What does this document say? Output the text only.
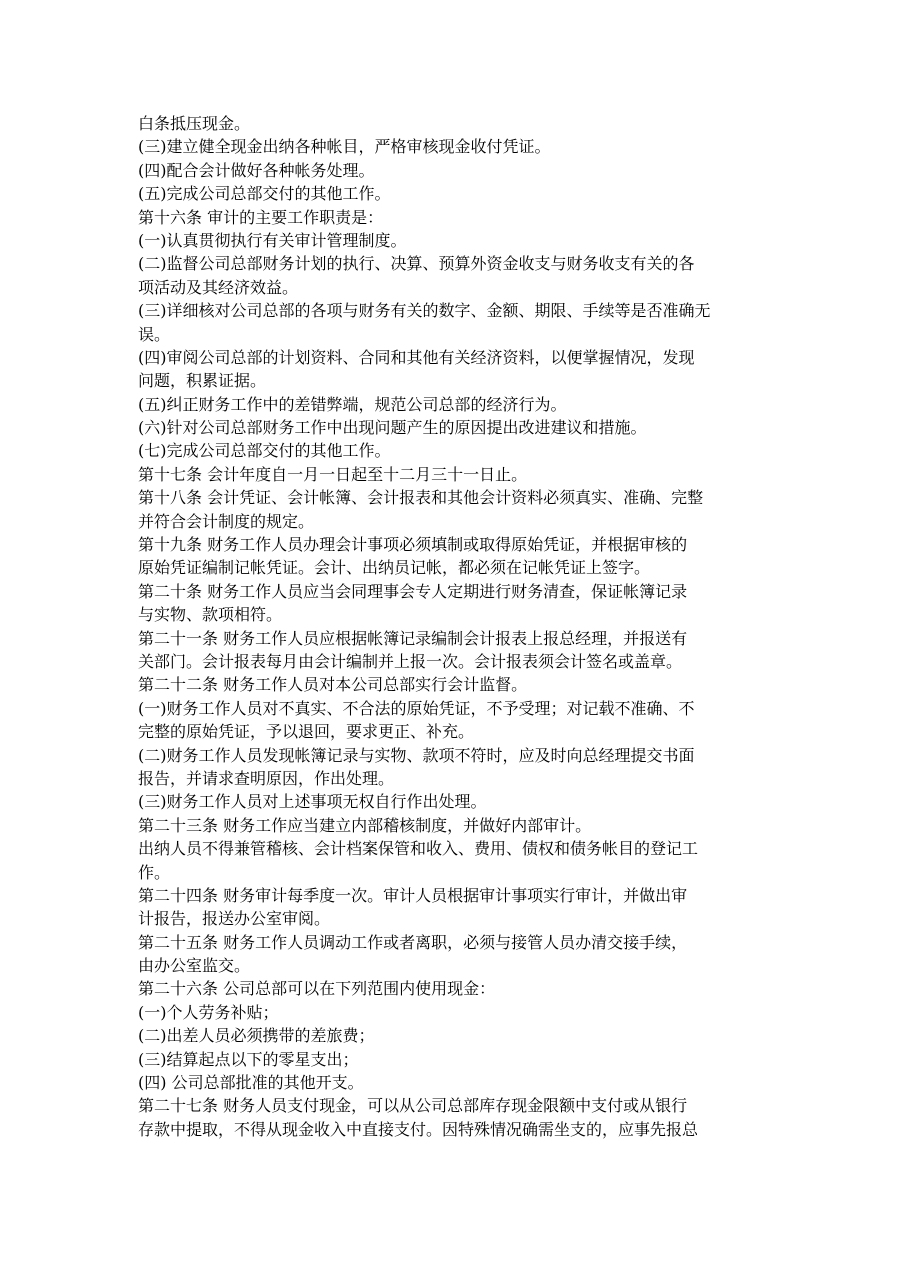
白条抵压现金。
(三)建立健全现金出纳各种帐目，严格审核现金收付凭证。
(四)配合会计做好各种帐务处理。
(五)完成公司总部交付的其他工作。
第十六条 审计的主要工作职责是：
(一)认真贯彻执行有关审计管理制度。
(二)监督公司总部财务计划的执行、决算、预算外资金收支与财务收支有关的各
项活动及其经济效益。
(三)详细核对公司总部的各项与财务有关的数字、金额、期限、手续等是否准确无
误。
(四)审阅公司总部的计划资料、合同和其他有关经济资料，以便掌握情况，发现
问题，积累证据。
(五)纠正财务工作中的差错弊端，规范公司总部的经济行为。
(六)针对公司总部财务工作中出现问题产生的原因提出改进建议和措施。
(七)完成公司总部交付的其他工作。
第十七条 会计年度自一月一日起至十二月三十一日止。
第十八条 会计凭证、会计帐簿、会计报表和其他会计资料必须真实、准确、完整
并符合会计制度的规定。
第十九条 财务工作人员办理会计事项必须填制或取得原始凭证，并根据审核的
原始凭证编制记帐凭证。会计、出纳员记帐，都必须在记帐凭证上签字。
第二十条 财务工作人员应当会同理事会专人定期进行财务清查，保证帐簿记录
与实物、款项相符。
第二十一条 财务工作人员应根据帐簿记录编制会计报表上报总经理，并报送有
关部门。会计报表每月由会计编制并上报一次。会计报表须会计签名或盖章。
第二十二条 财务工作人员对本公司总部实行会计监督。
(一)财务工作人员对不真实、不合法的原始凭证，不予受理；对记载不准确、不
完整的原始凭证，予以退回，要求更正、补充。
(二)财务工作人员发现帐簿记录与实物、款项不符时，应及时向总经理提交书面
报告，并请求查明原因，作出处理。
(三)财务工作人员对上述事项无权自行作出处理。
第二十三条 财务工作应当建立内部稽核制度，并做好内部审计。
出纳人员不得兼管稽核、会计档案保管和收入、费用、债权和债务帐目的登记工
作。
第二十四条 财务审计每季度一次。审计人员根据审计事项实行审计，并做出审
计报告，报送办公室审阅。
第二十五条 财务工作人员调动工作或者离职，必须与接管人员办清交接手续，
由办公室监交。
第二十六条 公司总部可以在下列范围内使用现金：
(一)个人劳务补贴；
(二)出差人员必须携带的差旅费；
(三)结算起点以下的零星支出；
(四) 公司总部批准的其他开支。
第二十七条 财务人员支付现金，可以从公司总部库存现金限额中支付或从银行
存款中提取，不得从现金收入中直接支付。因特殊情况确需坐支的，应事先报总
